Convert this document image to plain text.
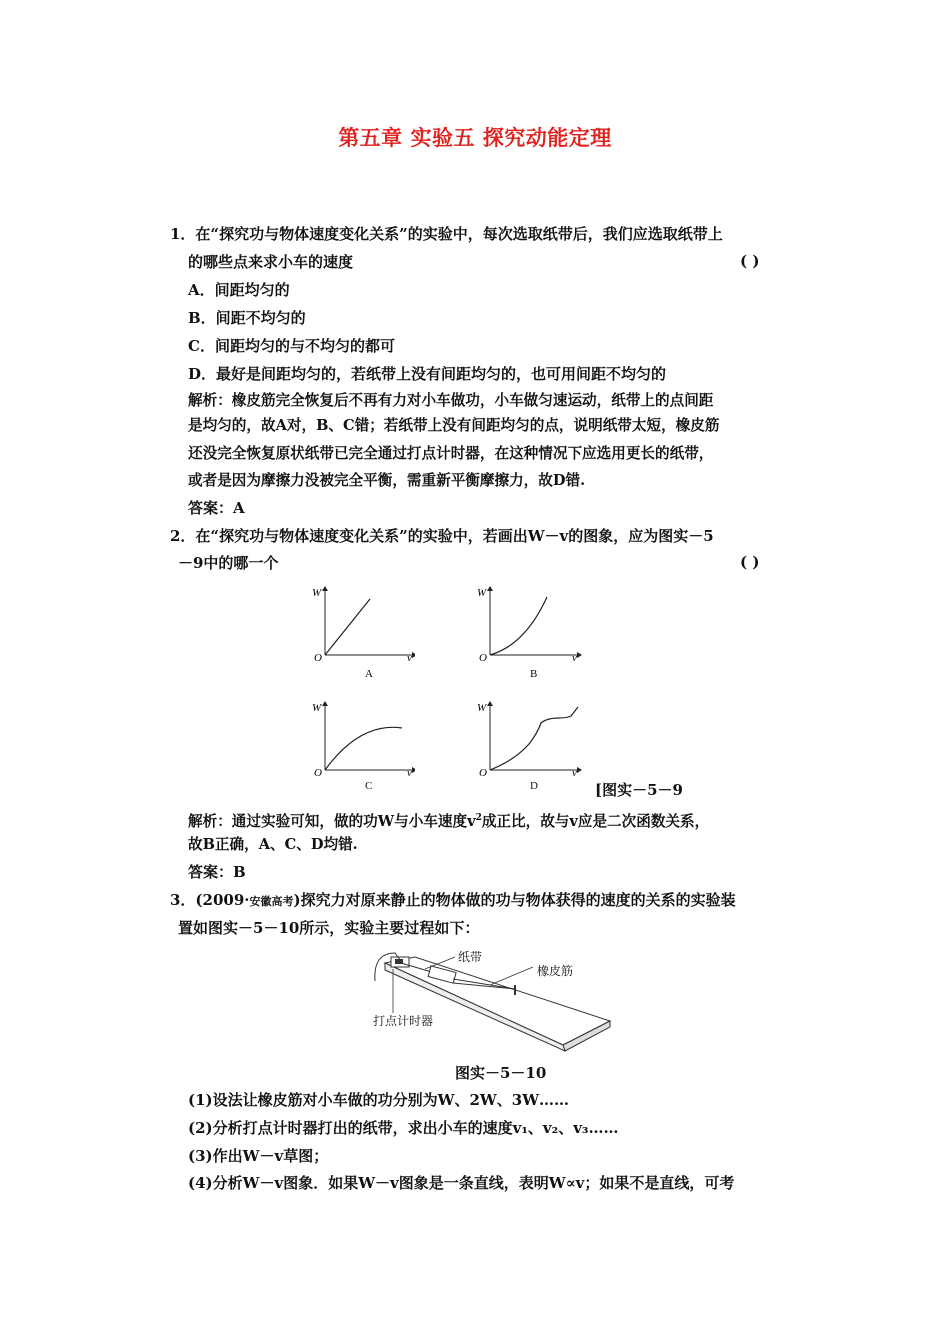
第五章 实验五 探究动能定理
1．在“探究功与物体速度变化关系”的实验中，每次选取纸带后，我们应选取纸带上
的哪些点来求小车的速度	( )
A．间距均匀的
B．间距不均匀的
C．间距均匀的与不均匀的都可
D．最好是间距均匀的，若纸带上没有间距均匀的，也可用间距不均匀的
解析：橡皮筋完全恢复后不再有力对小车做功，小车做匀速运动，纸带上的点间距
是均匀的，故A对，B、C错；若纸带上没有间距均匀的点，说明纸带太短，橡皮筋
还没完全恢复原状纸带已完全通过打点计时器，在这种情况下应选用更长的纸带，
或者是因为摩擦力没被完全平衡，需重新平衡摩擦力，故D错.
答案：A
2．在“探究功与物体速度变化关系”的实验中，若画出W－v的图象，应为图实－5
－9中的哪一个	( )
W
O	v
A
W
O	v
B
W
O	v
C
W
O	v
D	[图实－5－9
解析：通过实验可知，做的功W与小车速度$v^2$成正比，故与v应是二次函数关系，
故B正确，A、C、D均错.
答案：B
3．(2009·安徽高考)探究力对原来静止的物体做的功与物体获得的速度的关系的实验装
置如图实－5－10所示，实验主要过程如下：
纸带
橡皮筋
打点计时器
图实－5－10
(1)设法让橡皮筋对小车做的功分别为W、2W、3W……
(2)分析打点计时器打出的纸带，求出小车的速度v₁、v₂、v₃……
(3)作出W－v草图；
(4)分析W－v图象．如果W－v图象是一条直线，表明W∝v；如果不是直线，可考
